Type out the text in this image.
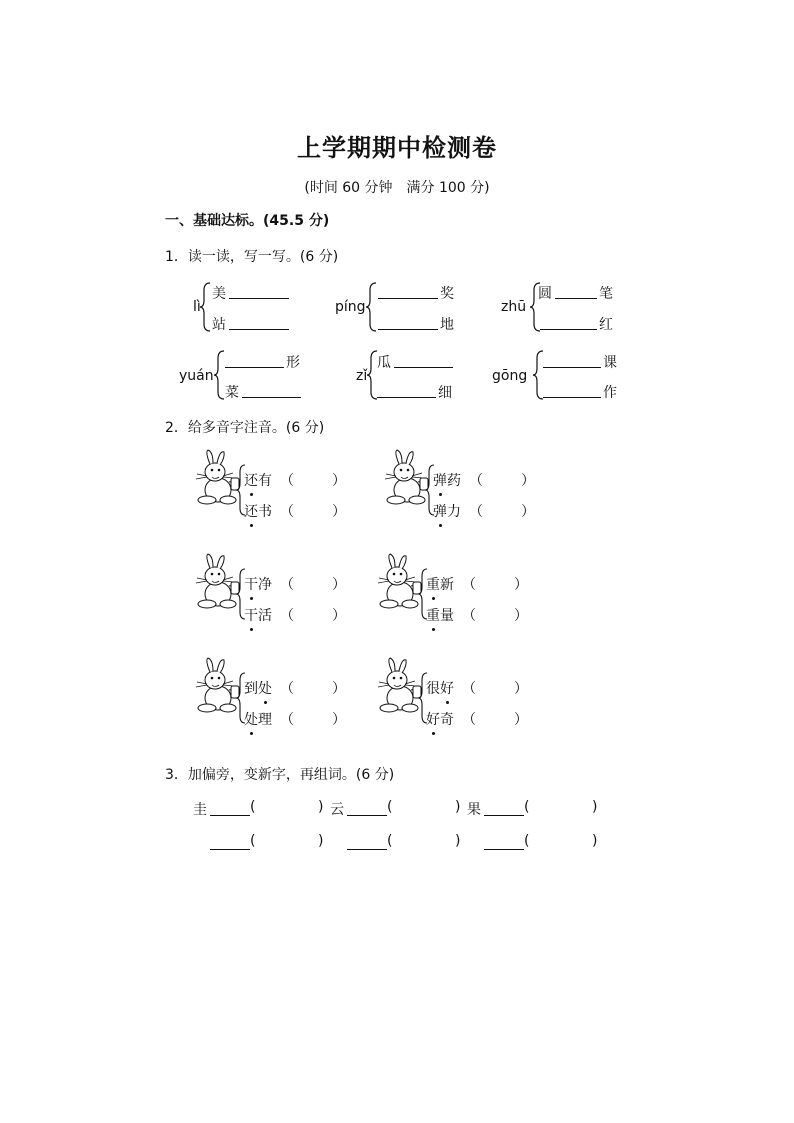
上学期期中检测卷
(时间 60 分钟　满分 100 分)
一、基础达标。(45.5 分)
1．读一读，写一写。(6 分)
lì
美
站
píng
奖
地
zhū
圆	笔
红
yuán
形
菜
zǐ
瓜
细
gōng
课
作
2．给多音字注音。(6 分)
还有 （	）
还书 （	）
弹药 （	）
弹力 （	）
干净 （	）
干活 （	）
重新 （	）
重量 （	）
到处 （	）
处理 （	）
很好 （	）
好奇 （	）
3．加偏旁，变新字，再组词。(6 分)
圭	(	) 云	(	) 果	(	)
(	)	(	)	(	)
